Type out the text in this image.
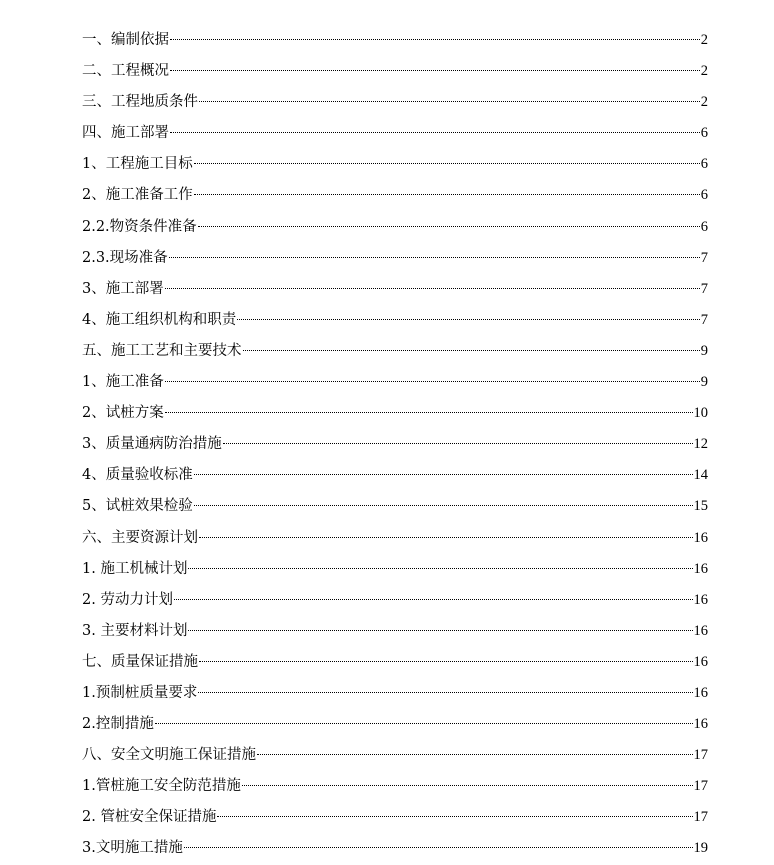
一、编制依据	2
二、工程概况	2
三、工程地质条件	2
四、施工部署	6
1、工程施工目标	6
2、施工准备工作	6
2.2.物资条件准备	6
2.3.现场准备	7
3、施工部署	7
4、施工组织机构和职责	7
五、施工工艺和主要技术	9
1、施工准备	9
2、试桩方案	10
3、质量通病防治措施	12
4、质量验收标准	14
5、试桩效果检验	15
六、主要资源计划	16
1. 施工机械计划	16
2. 劳动力计划	16
3. 主要材料计划	16
七、质量保证措施	16
1.预制桩质量要求	16
2.控制措施	16
八、安全文明施工保证措施	17
1.管桩施工安全防范措施	17
2. 管桩安全保证措施	17
3.文明施工措施	19
